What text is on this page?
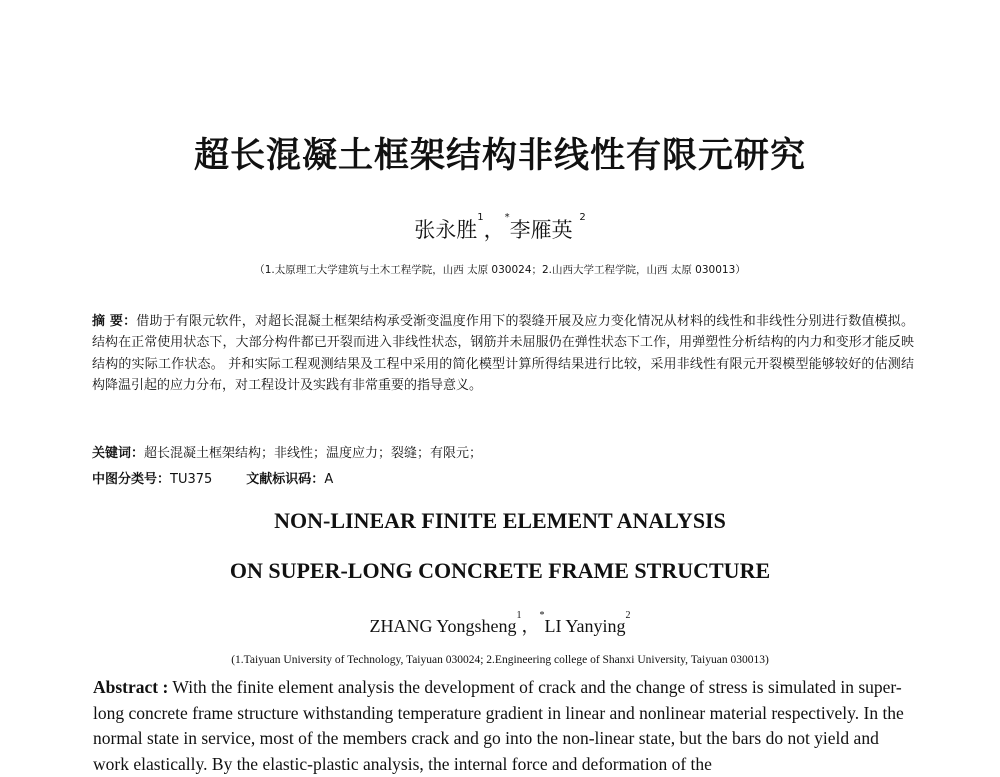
超长混凝土框架结构非线性有限元研究
张永胜$^1$，*李雁英 $^2$
（1.太原理工大学建筑与土木工程学院，山西 太原 030024；2.山西大学工程学院，山西 太原 030013）
摘 要：借助于有限元软件，对超长混凝土框架结构承受渐变温度作用下的裂缝开展及应力变化情况从材料的线性和非线性分别进行数值模拟。结构在正常使用状态下，大部分构件都已开裂而进入非线性状态，钢筋并未屈服仍在弹性状态下工作，用弹塑性分析结构的内力和变形才能反映结构的实际工作状态。 并和实际工程观测结果及工程中采用的简化模型计算所得结果进行比较，采用非线性有限元开裂模型能够较好的估测结构降温引起的应力分布，对工程设计及实践有非常重要的指导意义。
关键词：超长混凝土框架结构；非线性；温度应力；裂缝；有限元；
中图分类号：TU375	文献标识码：A
NON-LINEAR FINITE ELEMENT ANALYSIS
ON SUPER-LONG CONCRETE FRAME STRUCTURE
ZHANG Yongsheng$^1$，*LI Yanying$^2$
(1.Taiyuan University of Technology, Taiyuan 030024; 2.Engineering college of Shanxi University, Taiyuan 030013)
Abstract : With the finite element analysis the development of crack and the change of stress is simulated in super-long concrete frame structure withstanding temperature gradient in linear and nonlinear material respectively. In the normal state in service, most of the members crack and go into the non-linear state, but the bars do not yield and work elastically. By the elastic-plastic analysis, the internal force and deformation of the
